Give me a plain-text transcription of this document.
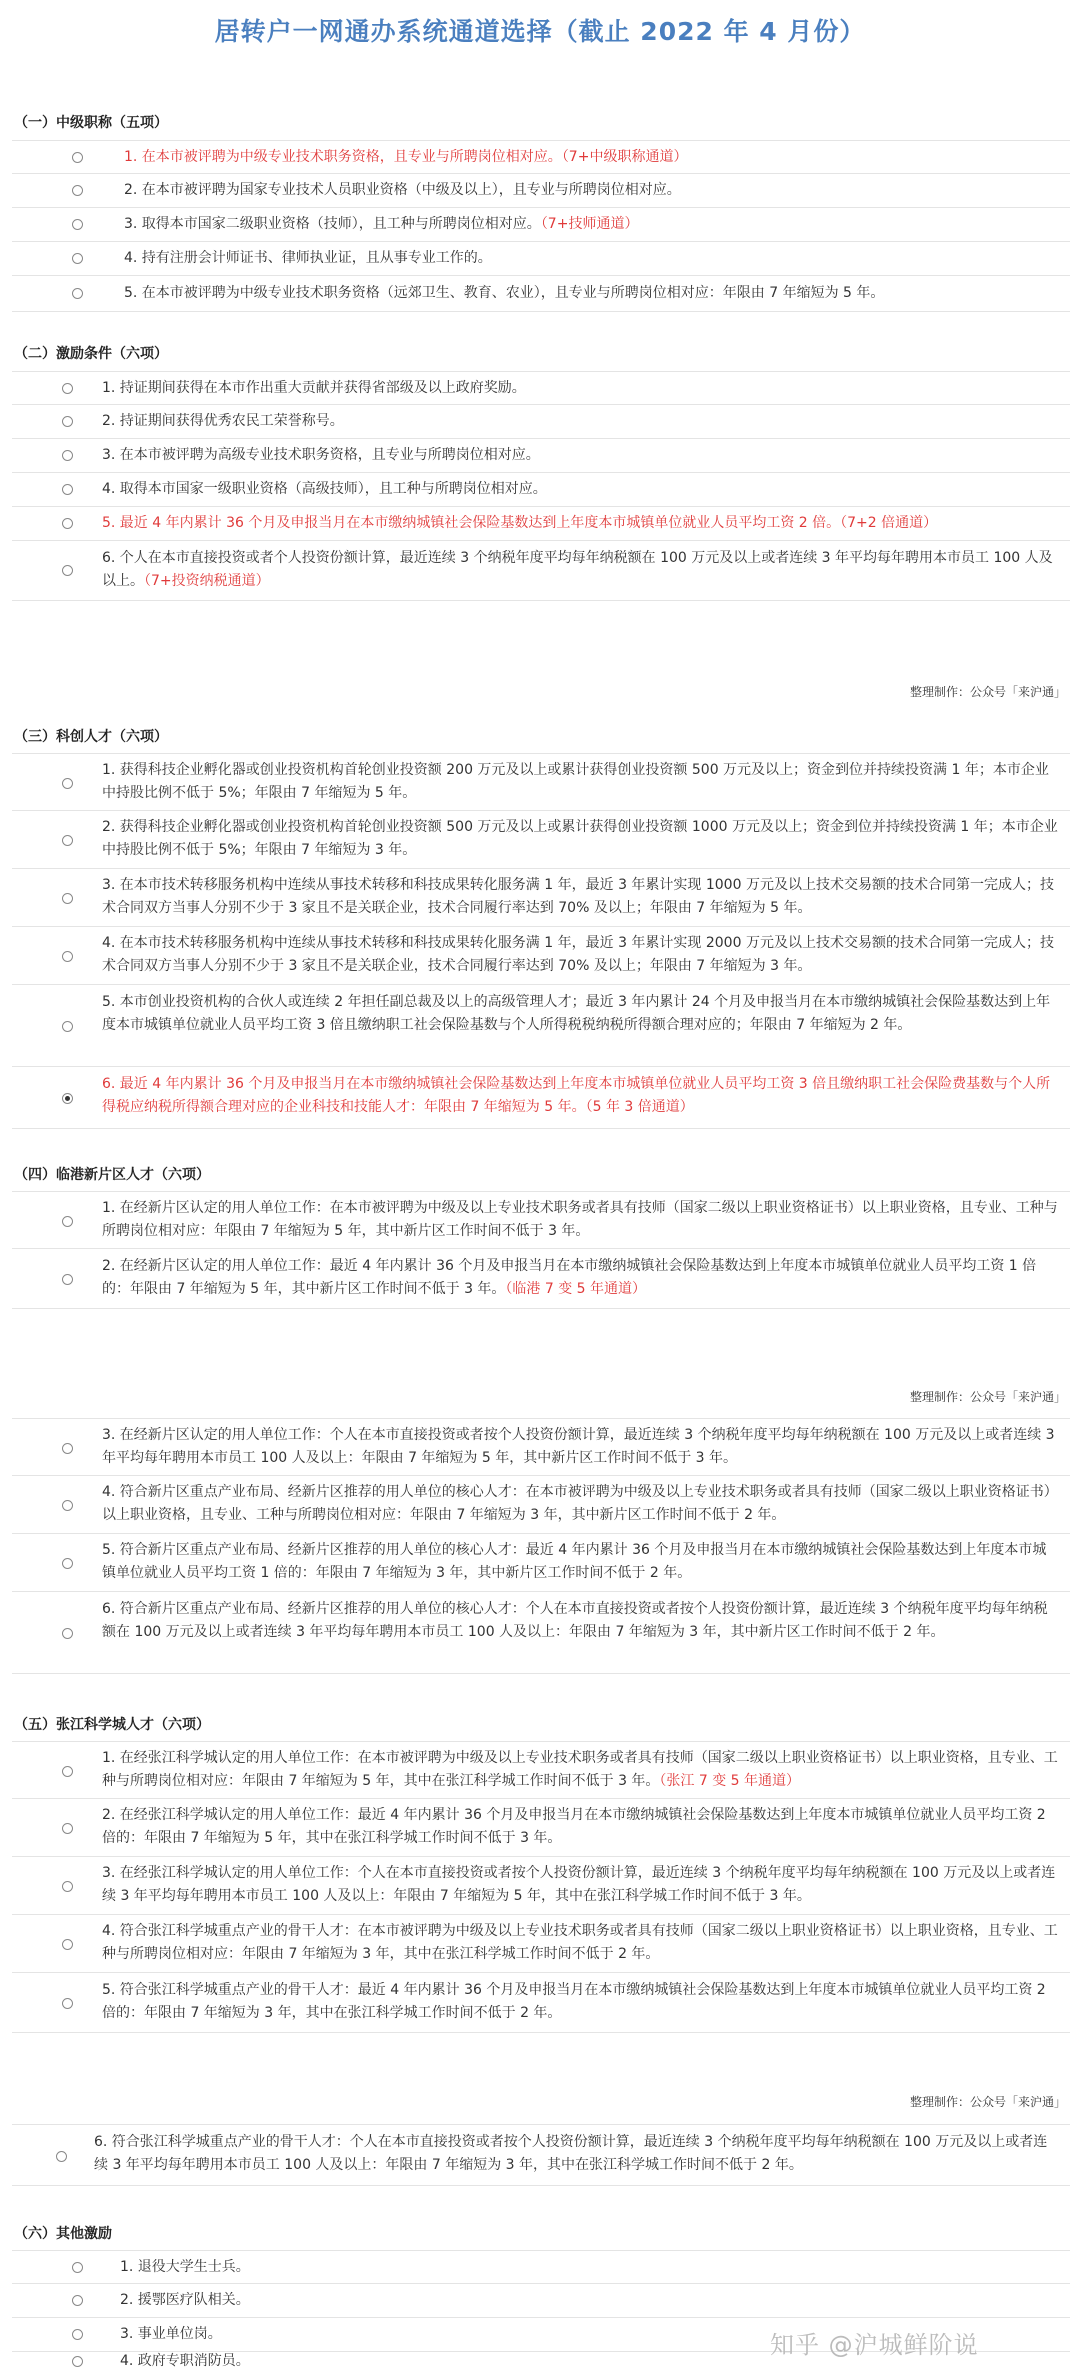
居转户一网通办系统通道选择（截止 2022 年 4 月份）
（一）中级职称（五项）
1. 在本市被评聘为中级专业技术职务资格，且专业与所聘岗位相对应。（7+中级职称通道）
2. 在本市被评聘为国家专业技术人员职业资格（中级及以上），且专业与所聘岗位相对应。
3. 取得本市国家二级职业资格（技师），且工种与所聘岗位相对应。（7+技师通道）
4. 持有注册会计师证书、律师执业证，且从事专业工作的。
5. 在本市被评聘为中级专业技术职务资格（远郊卫生、教育、农业），且专业与所聘岗位相对应：年限由 7 年缩短为 5 年。
（二）激励条件（六项）
1. 持证期间获得在本市作出重大贡献并获得省部级及以上政府奖励。
2. 持证期间获得优秀农民工荣誉称号。
3. 在本市被评聘为高级专业技术职务资格，且专业与所聘岗位相对应。
4. 取得本市国家一级职业资格（高级技师），且工种与所聘岗位相对应。
5. 最近 4 年内累计 36 个月及申报当月在本市缴纳城镇社会保险基数达到上年度本市城镇单位就业人员平均工资 2 倍。（7+2 倍通道）
6. 个人在本市直接投资或者个人投资份额计算，最近连续 3 个纳税年度平均每年纳税额在 100 万元及以上或者连续 3 年平均每年聘用本市员工 100 人及以上。（7+投资纳税通道）
整理制作：公众号「来沪通」
（三）科创人才（六项）
1. 获得科技企业孵化器或创业投资机构首轮创业投资额 200 万元及以上或累计获得创业投资额 500 万元及以上；资金到位并持续投资满 1 年；本市企业中持股比例不低于 5%；年限由 7 年缩短为 5 年。
2. 获得科技企业孵化器或创业投资机构首轮创业投资额 500 万元及以上或累计获得创业投资额 1000 万元及以上；资金到位并持续投资满 1 年；本市企业中持股比例不低于 5%；年限由 7 年缩短为 3 年。
3. 在本市技术转移服务机构中连续从事技术转移和科技成果转化服务满 1 年，最近 3 年累计实现 1000 万元及以上技术交易额的技术合同第一完成人；技术合同双方当事人分别不少于 3 家且不是关联企业，技术合同履行率达到 70% 及以上；年限由 7 年缩短为 5 年。
4. 在本市技术转移服务机构中连续从事技术转移和科技成果转化服务满 1 年，最近 3 年累计实现 2000 万元及以上技术交易额的技术合同第一完成人；技术合同双方当事人分别不少于 3 家且不是关联企业，技术合同履行率达到 70% 及以上；年限由 7 年缩短为 3 年。
5. 本市创业投资机构的合伙人或连续 2 年担任副总裁及以上的高级管理人才；最近 3 年内累计 24 个月及申报当月在本市缴纳城镇社会保险基数达到上年度本市城镇单位就业人员平均工资 3 倍且缴纳职工社会保险基数与个人所得税税纳税所得额合理对应的；年限由 7 年缩短为 2 年。
6. 最近 4 年内累计 36 个月及申报当月在本市缴纳城镇社会保险基数达到上年度本市城镇单位就业人员平均工资 3 倍且缴纳职工社会保险费基数与个人所得税应纳税所得额合理对应的企业科技和技能人才：年限由 7 年缩短为 5 年。（5 年 3 倍通道）
（四）临港新片区人才（六项）
1. 在经新片区认定的用人单位工作：在本市被评聘为中级及以上专业技术职务或者具有技师（国家二级以上职业资格证书）以上职业资格，且专业、工种与所聘岗位相对应：年限由 7 年缩短为 5 年，其中新片区工作时间不低于 3 年。
2. 在经新片区认定的用人单位工作：最近 4 年内累计 36 个月及申报当月在本市缴纳城镇社会保险基数达到上年度本市城镇单位就业人员平均工资 1 倍的：年限由 7 年缩短为 5 年，其中新片区工作时间不低于 3 年。（临港 7 变 5 年通道）
整理制作：公众号「来沪通」
3. 在经新片区认定的用人单位工作：个人在本市直接投资或者按个人投资份额计算，最近连续 3 个纳税年度平均每年纳税额在 100 万元及以上或者连续 3 年平均每年聘用本市员工 100 人及以上：年限由 7 年缩短为 5 年，其中新片区工作时间不低于 3 年。
4. 符合新片区重点产业布局、经新片区推荐的用人单位的核心人才：在本市被评聘为中级及以上专业技术职务或者具有技师（国家二级以上职业资格证书）以上职业资格，且专业、工种与所聘岗位相对应：年限由 7 年缩短为 3 年，其中新片区工作时间不低于 2 年。
5. 符合新片区重点产业布局、经新片区推荐的用人单位的核心人才：最近 4 年内累计 36 个月及申报当月在本市缴纳城镇社会保险基数达到上年度本市城镇单位就业人员平均工资 1 倍的：年限由 7 年缩短为 3 年，其中新片区工作时间不低于 2 年。
6. 符合新片区重点产业布局、经新片区推荐的用人单位的核心人才：个人在本市直接投资或者按个人投资份额计算，最近连续 3 个纳税年度平均每年纳税额在 100 万元及以上或者连续 3 年平均每年聘用本市员工 100 人及以上：年限由 7 年缩短为 3 年，其中新片区工作时间不低于 2 年。
（五）张江科学城人才（六项）
1. 在经张江科学城认定的用人单位工作：在本市被评聘为中级及以上专业技术职务或者具有技师（国家二级以上职业资格证书）以上职业资格，且专业、工种与所聘岗位相对应：年限由 7 年缩短为 5 年，其中在张江科学城工作时间不低于 3 年。（张江 7 变 5 年通道）
2. 在经张江科学城认定的用人单位工作：最近 4 年内累计 36 个月及申报当月在本市缴纳城镇社会保险基数达到上年度本市城镇单位就业人员平均工资 2 倍的：年限由 7 年缩短为 5 年，其中在张江科学城工作时间不低于 3 年。
3. 在经张江科学城认定的用人单位工作：个人在本市直接投资或者按个人投资份额计算，最近连续 3 个纳税年度平均每年纳税额在 100 万元及以上或者连续 3 年平均每年聘用本市员工 100 人及以上：年限由 7 年缩短为 5 年，其中在张江科学城工作时间不低于 3 年。
4. 符合张江科学城重点产业的骨干人才：在本市被评聘为中级及以上专业技术职务或者具有技师（国家二级以上职业资格证书）以上职业资格，且专业、工种与所聘岗位相对应：年限由 7 年缩短为 3 年，其中在张江科学城工作时间不低于 2 年。
5. 符合张江科学城重点产业的骨干人才：最近 4 年内累计 36 个月及申报当月在本市缴纳城镇社会保险基数达到上年度本市城镇单位就业人员平均工资 2 倍的：年限由 7 年缩短为 3 年，其中在张江科学城工作时间不低于 2 年。
整理制作：公众号「来沪通」
6. 符合张江科学城重点产业的骨干人才：个人在本市直接投资或者按个人投资份额计算，最近连续 3 个纳税年度平均每年纳税额在 100 万元及以上或者连续 3 年平均每年聘用本市员工 100 人及以上：年限由 7 年缩短为 3 年，其中在张江科学城工作时间不低于 2 年。
（六）其他激励
1. 退役大学生士兵。
2. 援鄂医疗队相关。
3. 事业单位岗。
4. 政府专职消防员。
知乎 @沪城鲜阶说
